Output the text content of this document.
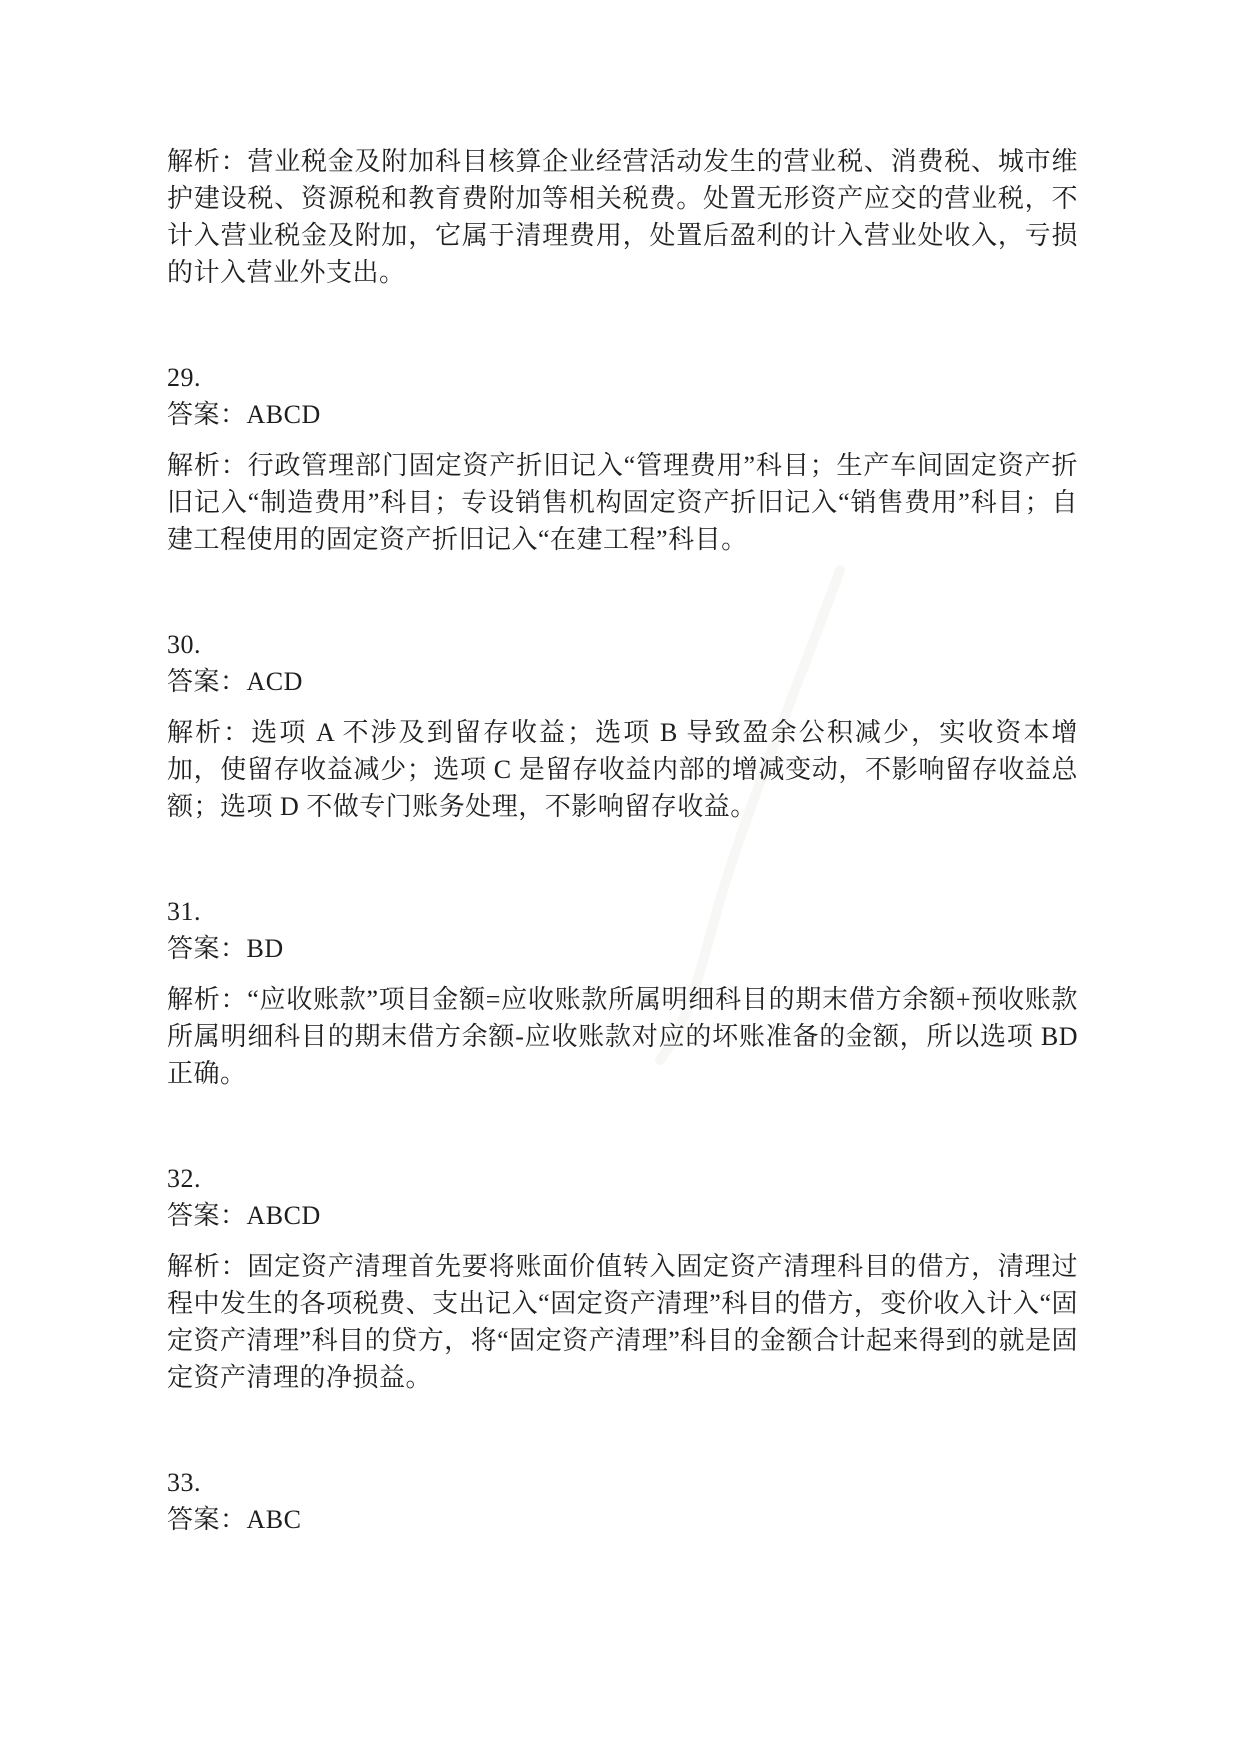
解析：营业税金及附加科目核算企业经营活动发生的营业税、消费税、城市维护建设税、资源税和教育费附加等相关税费。处置无形资产应交的营业税，不计入营业税金及附加，它属于清理费用，处置后盈利的计入营业处收入，亏损的计入营业外支出。

29.

答案：ABCD

解析：行政管理部门固定资产折旧记入“管理费用”科目；生产车间固定资产折旧记入“制造费用”科目；专设销售机构固定资产折旧记入“销售费用”科目；自建工程使用的固定资产折旧记入“在建工程”科目。

30.

答案：ACD

解析：选项 A 不涉及到留存收益；选项 B 导致盈余公积减少，实收资本增加，使留存收益减少；选项 C 是留存收益内部的增减变动，不影响留存收益总额；选项 D 不做专门账务处理，不影响留存收益。

31.

答案：BD

解析：“应收账款”项目金额=应收账款所属明细科目的期末借方余额+预收账款所属明细科目的期末借方余额-应收账款对应的坏账准备的金额，所以选项 BD 正确。

32.

答案：ABCD

解析：固定资产清理首先要将账面价值转入固定资产清理科目的借方，清理过程中发生的各项税费、支出记入“固定资产清理”科目的借方，变价收入计入“固定资产清理”科目的贷方，将“固定资产清理”科目的金额合计起来得到的就是固定资产清理的净损益。

33.

答案：ABC
